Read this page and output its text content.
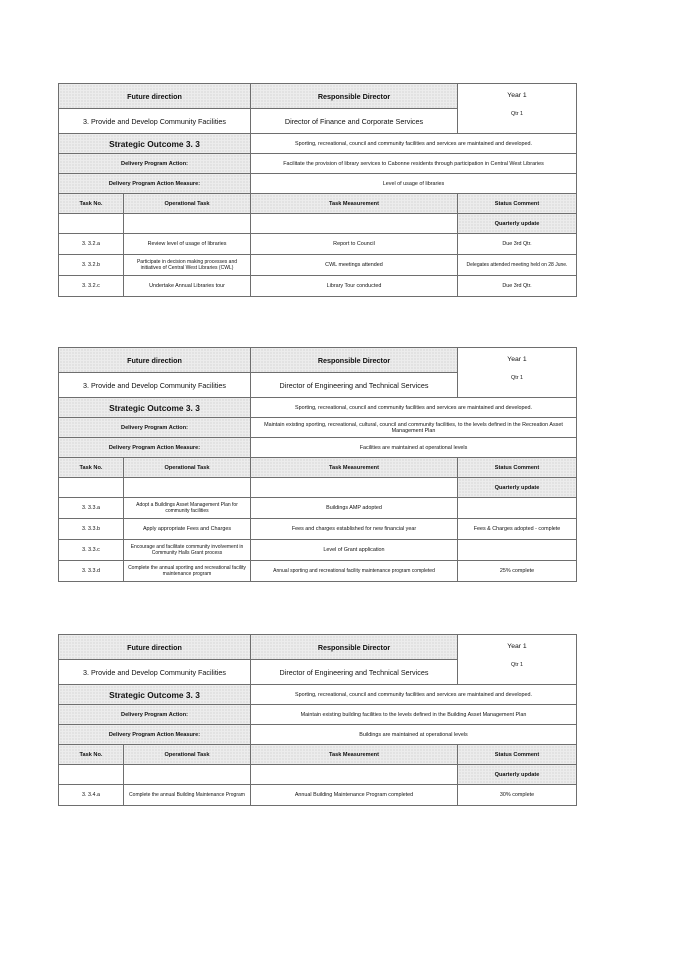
Future direction		Responsible Director	Year 1
Qtr 1

3. Provide and Develop Community Facilities		Director of Finance and Corporate Services	
Strategic Outcome 3. 3		Sporting, recreational, council and community facilities and services are maintained and developed.	
Delivery Program Action:		Facilitate the provision of library services to Cabonne residents through participation in Central West Libraries	
Delivery Program Action Measure:		Level of usage of libraries	
Task No.	Operational Task	Task Measurement	Status Comment
			Quarterly update
3. 3.2.a	Review level of usage of libraries	Report to Council	Due 3rd Qtr.
3. 3.2.b	Participate in decision making processes and initiatives of Central West Libraries (CWL)	CWL meetings attended	Delegates attended meeting held on 28 June.
3. 3.2.c	Undertake Annual Libraries tour	Library Tour conducted	Due 3rd Qtr.
Future direction		Responsible Director	Year 1
Qtr 1

3. Provide and Develop Community Facilities		Director of Engineering and Technical Services	
Strategic Outcome 3. 3		Sporting, recreational, council and community facilities and services are maintained and developed.	
Delivery Program Action:		Maintain existing sporting, recreational, cultural, council and community facilities, to the levels defined in the Recreation Asset Management Plan	
Delivery Program Action Measure:		Facilities are maintained at operational levels	
Task No.	Operational Task	Task Measurement	Status Comment
			Quarterly update
3. 3.3.a	Adopt a Buildings Asset Management Plan for community facilities	Buildings AMP adopted	
3. 3.3.b	Apply appropriate Fees and Charges	Fees and charges established for new financial year	Fees & Charges adopted - complete
3. 3.3.c	Encourage and facilitate community involvement in Community Halls Grant process	Level of Grant application	
3. 3.3.d	Complete the annual sporting and recreational facility maintenance program	Annual sporting and recreational facility maintenance program completed	25% complete
Future direction		Responsible Director	Year 1
Qtr 1

3. Provide and Develop Community Facilities		Director of Engineering and Technical Services	
Strategic Outcome 3. 3		Sporting, recreational, council and community facilities and services are maintained and developed.	
Delivery Program Action:		Maintain existing building facilities to the levels defined in the Building Asset Management Plan	
Delivery Program Action Measure:		Buildings are maintained at operational levels	
Task No.	Operational Task	Task Measurement	Status Comment
			Quarterly update
3. 3.4.a	Complete the annual Building Maintenance Program	Annual Building Maintenance Program completed	30% complete
